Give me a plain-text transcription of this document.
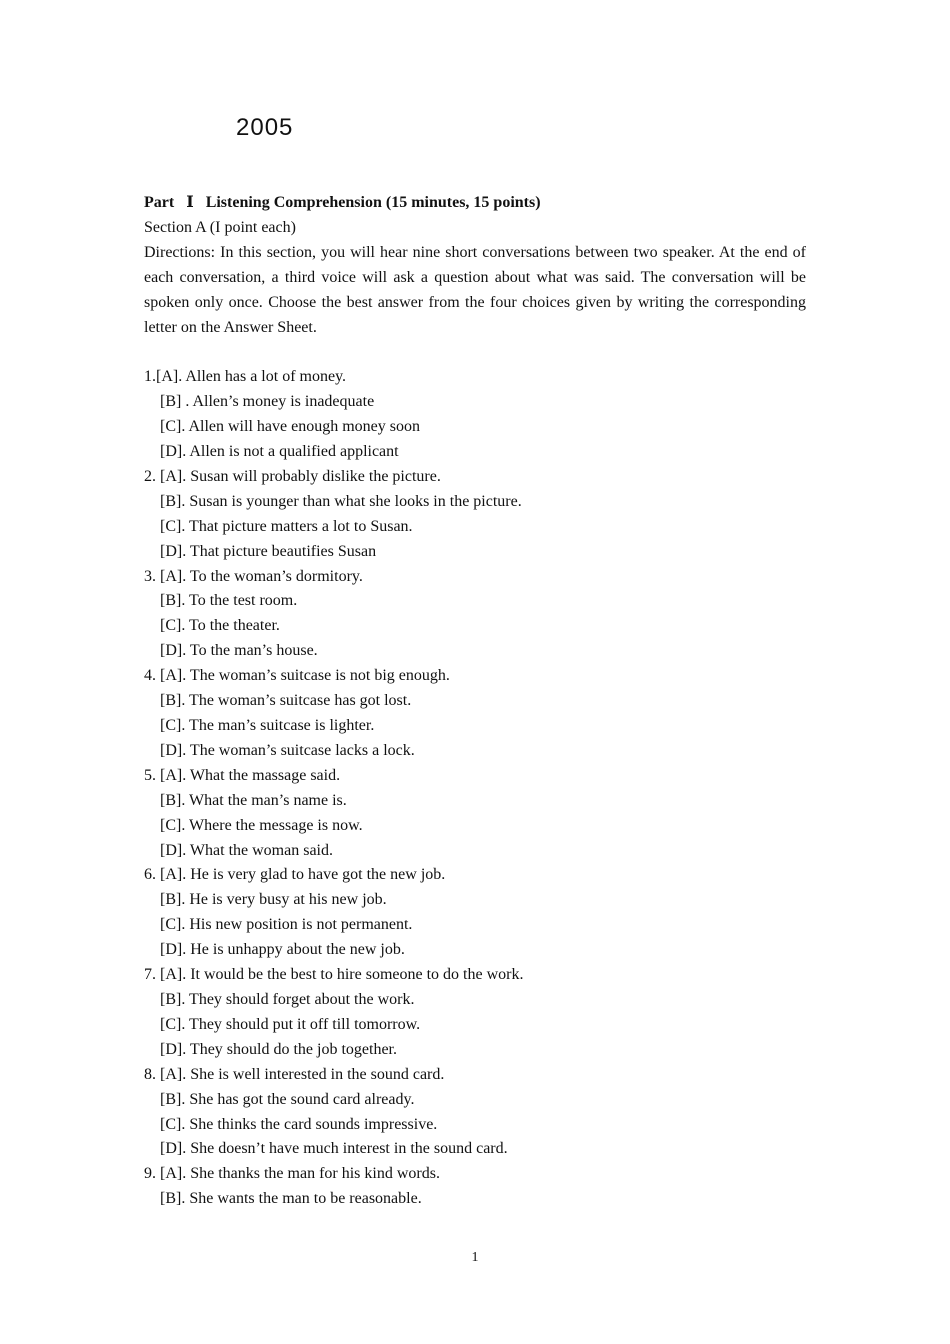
2005

Part   Ⅰ   Listening Comprehension (15 minutes, 15 points)

Section A (I point each)

Directions: In this section, you will hear nine short conversations between two speaker. At the end of each conversation, a third voice will ask a question about what was said. The conversation will be spoken only once. Choose the best answer from the four choices given by writing the corresponding letter on the Answer Sheet.

1.[A]. Allen has a lot of money.
[B] . Allen’s money is inadequate
[C]. Allen will have enough money soon
[D]. Allen is not a qualified applicant
2. [A]. Susan will probably dislike the picture.
[B]. Susan is younger than what she looks in the picture.
[C]. That picture matters a lot to Susan.
[D]. That picture beautifies Susan
3. [A]. To the woman’s dormitory.
[B]. To the test room.
[C]. To the theater.
[D]. To the man’s house.
4. [A]. The woman’s suitcase is not big enough.
[B]. The woman’s suitcase has got lost.
[C]. The man’s suitcase is lighter.
[D]. The woman’s suitcase lacks a lock.
5. [A]. What the massage said.
[B]. What the man’s name is.
[C]. Where the message is now.
[D]. What the woman said.
6. [A]. He is very glad to have got the new job.
[B]. He is very busy at his new job.
[C]. His new position is not permanent.
[D]. He is unhappy about the new job.
7. [A]. It would be the best to hire someone to do the work.
[B]. They should forget about the work.
[C]. They should put it off till tomorrow.
[D]. They should do the job together.
8. [A]. She is well interested in the sound card.
[B]. She has got the sound card already.
[C]. She thinks the card sounds impressive.
[D]. She doesn’t have much interest in the sound card.
9. [A]. She thanks the man for his kind words.
[B]. She wants the man to be reasonable.
1
